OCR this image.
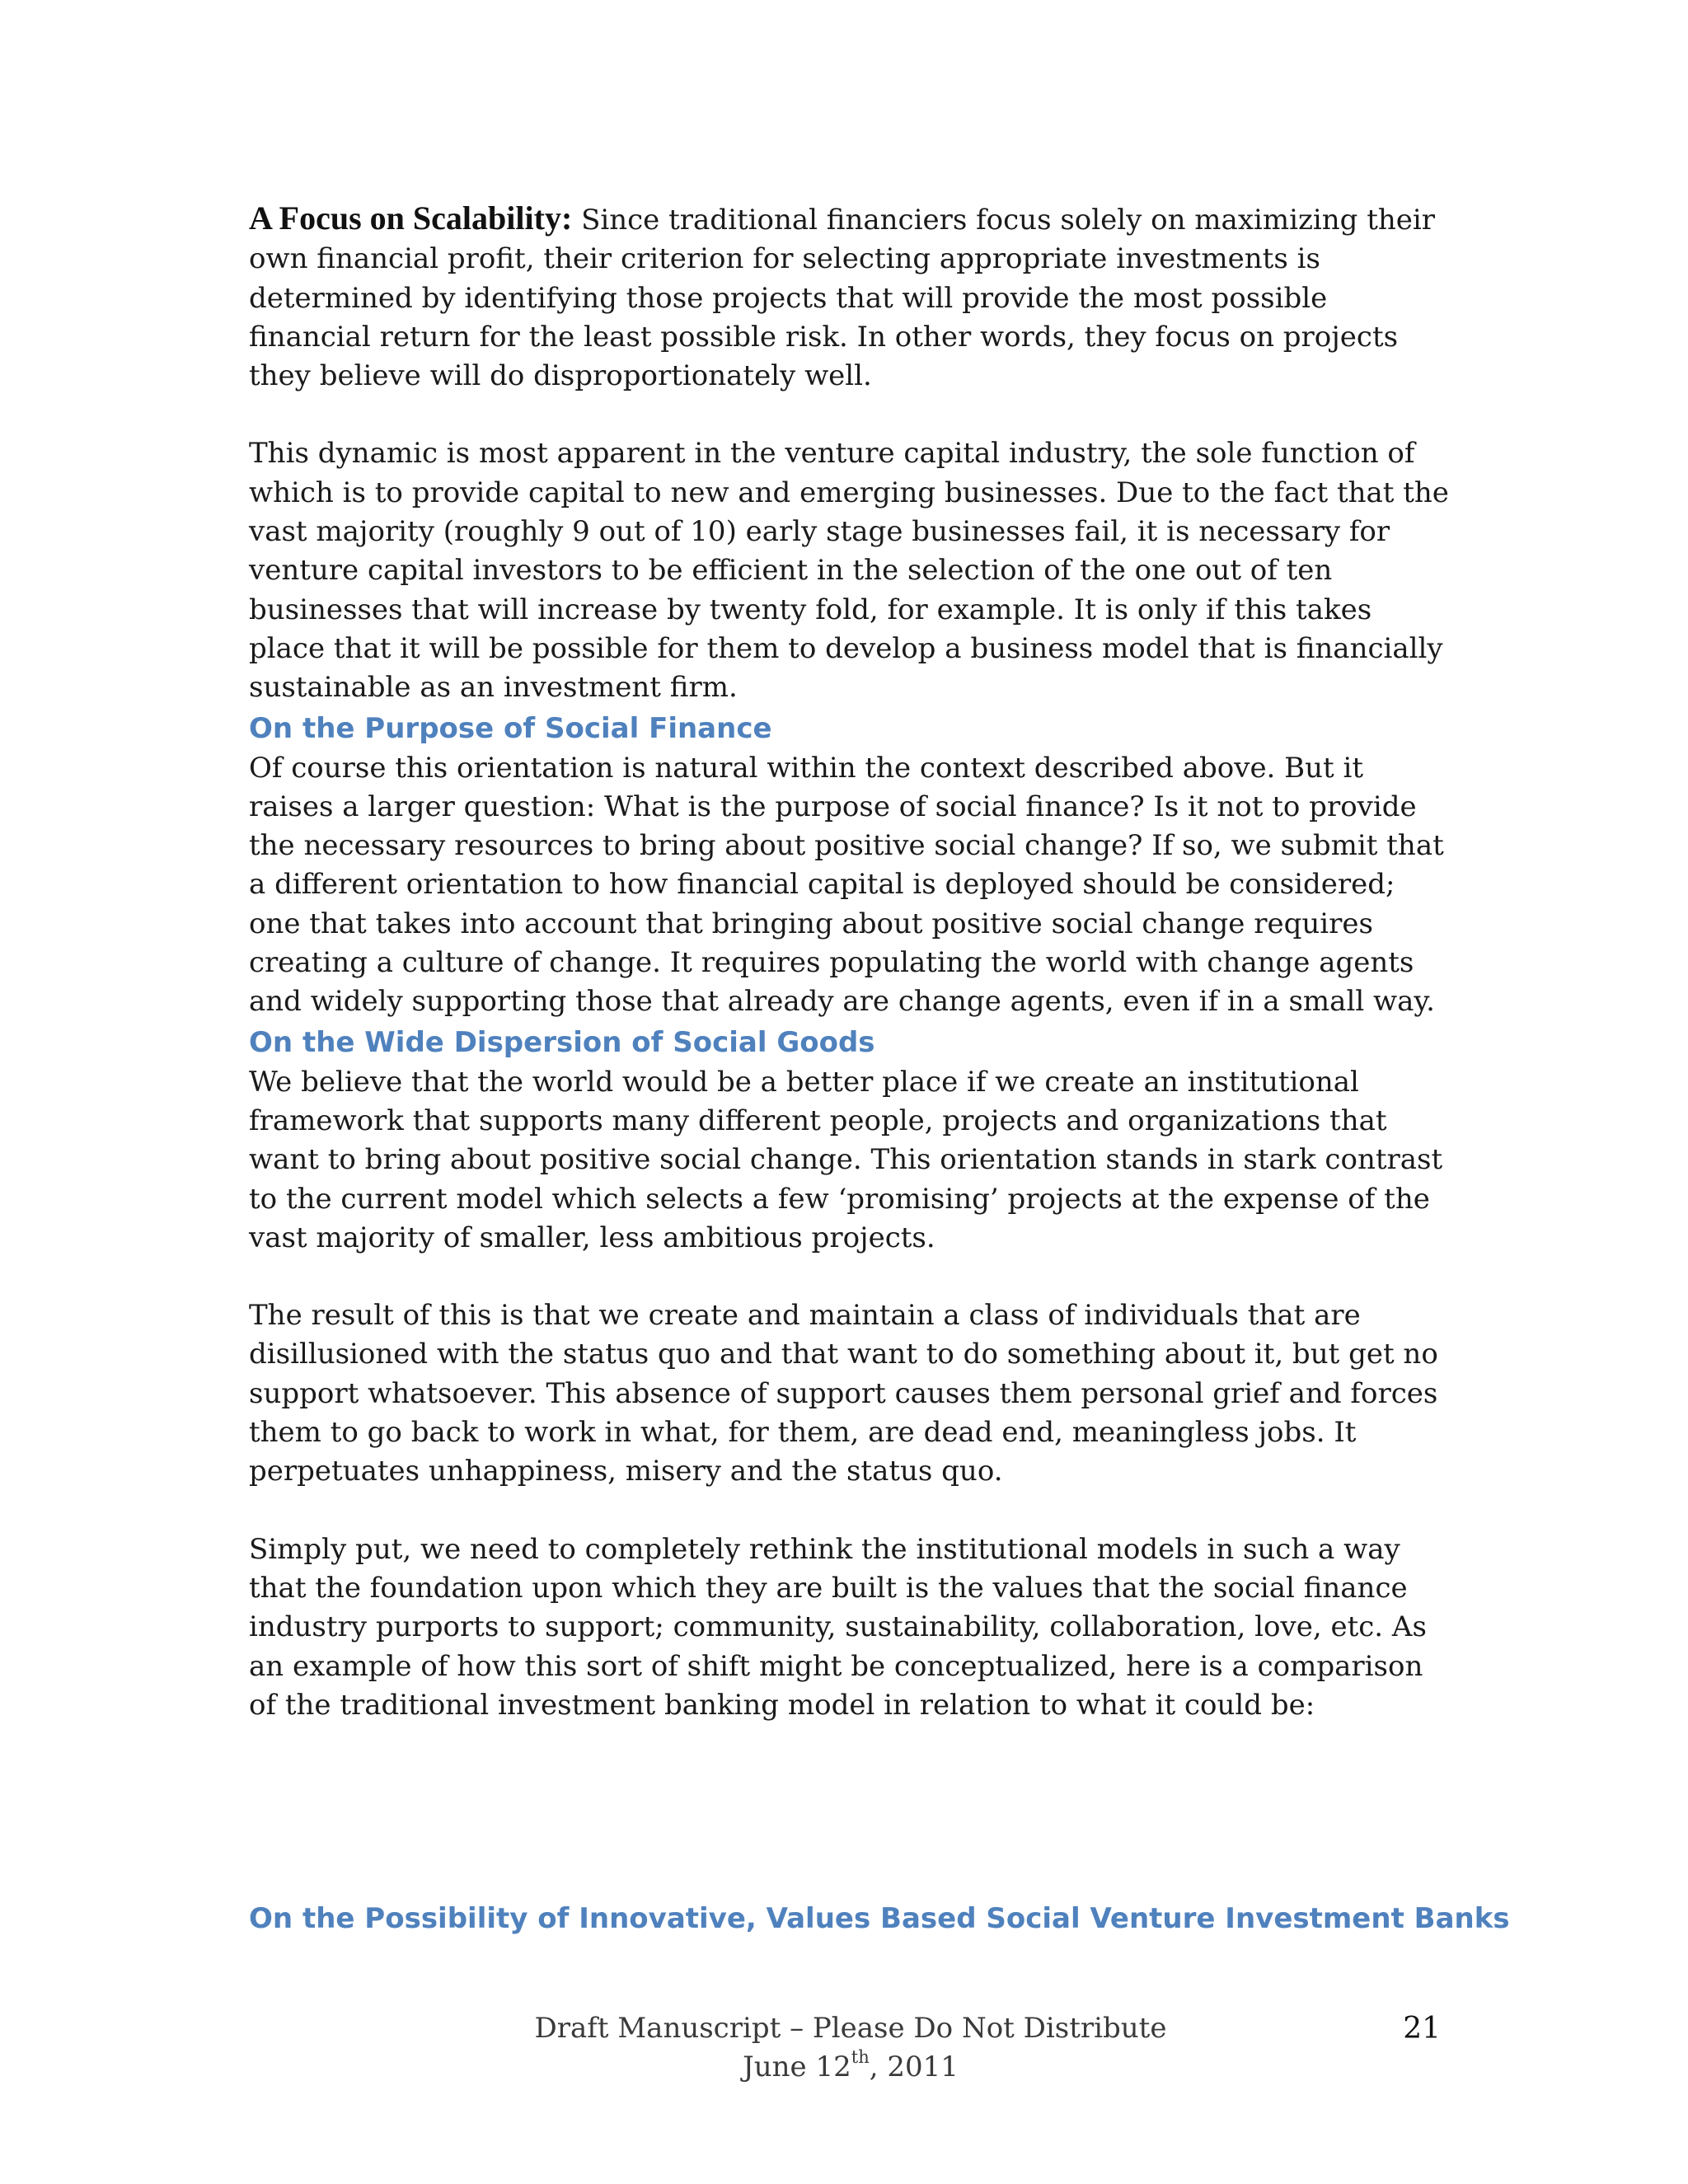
A Focus on Scalability: Since traditional financiers focus solely on maximizing their own financial profit, their criterion for selecting appropriate investments is determined by identifying those projects that will provide the most possible financial return for the least possible risk. In other words, they focus on projects they believe will do disproportionately well.

This dynamic is most apparent in the venture capital industry, the sole function of which is to provide capital to new and emerging businesses. Due to the fact that the vast majority (roughly 9 out of 10) early stage businesses fail, it is necessary for venture capital investors to be efficient in the selection of the one out of ten businesses that will increase by twenty fold, for example. It is only if this takes place that it will be possible for them to develop a business model that is financially sustainable as an investment firm.

On the Purpose of Social Finance

Of course this orientation is natural within the context described above. But it raises a larger question: What is the purpose of social finance? Is it not to provide the necessary resources to bring about positive social change? If so, we submit that a different orientation to how financial capital is deployed should be considered; one that takes into account that bringing about positive social change requires creating a culture of change. It requires populating the world with change agents and widely supporting those that already are change agents, even if in a small way.

On the Wide Dispersion of Social Goods

We believe that the world would be a better place if we create an institutional framework that supports many different people, projects and organizations that want to bring about positive social change. This orientation stands in stark contrast to the current model which selects a few ‘promising’ projects at the expense of the vast majority of smaller, less ambitious projects.

The result of this is that we create and maintain a class of individuals that are disillusioned with the status quo and that want to do something about it, but get no support whatsoever. This absence of support causes them personal grief and forces them to go back to work in what, for them, are dead end, meaningless jobs. It perpetuates unhappiness, misery and the status quo.

Simply put, we need to completely rethink the institutional models in such a way that the foundation upon which they are built is the values that the social finance industry purports to support; community, sustainability, collaboration, love, etc. As an example of how this sort of shift might be conceptualized, here is a comparison of the traditional investment banking model in relation to what it could be:

On the Possibility of Innovative, Values Based Social Venture Investment Banks
Draft Manuscript – Please Do Not Distribute
June 12th, 2011
21
